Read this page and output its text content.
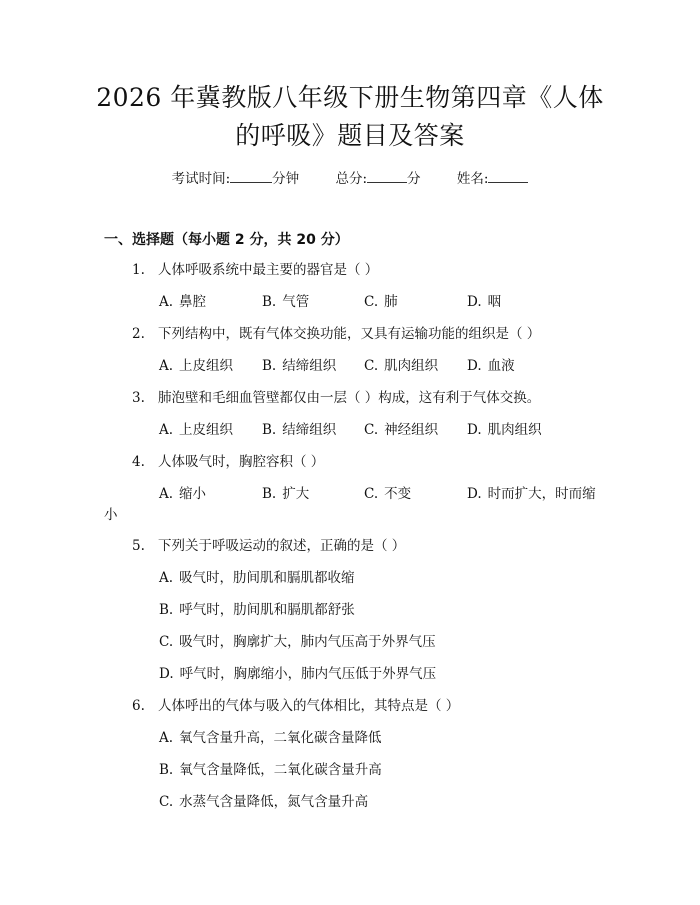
2026 年冀教版八年级下册生物第四章《人体
的呼吸》题目及答案
考试时间:	分钟	总分:	分	姓名:
一、选择题（每小题 2 分，共 20 分）
1. 人体呼吸系统中最主要的器官是（ ）
A. 鼻腔	B. 气管	C. 肺	D. 咽
2. 下列结构中，既有气体交换功能，又具有运输功能的组织是（ ）
A. 上皮组织 B. 结缔组织 C. 肌肉组织 D. 血液
3. 肺泡壁和毛细血管壁都仅由一层（ ）构成，这有利于气体交换。
A. 上皮组织 B. 结缔组织 C. 神经组织 D. 肌肉组织
4. 人体吸气时，胸腔容积（ ）
A. 缩小	B. 扩大	C. 不变	D. 时而扩大，时而缩
小
5. 下列关于呼吸运动的叙述，正确的是（ ）
A. 吸气时，肋间肌和膈肌都收缩
B. 呼气时，肋间肌和膈肌都舒张
C. 吸气时，胸廓扩大，肺内气压高于外界气压
D. 呼气时，胸廓缩小，肺内气压低于外界气压
6. 人体呼出的气体与吸入的气体相比，其特点是（ ）
A. 氧气含量升高，二氧化碳含量降低
B. 氧气含量降低，二氧化碳含量升高
C. 水蒸气含量降低，氮气含量升高
